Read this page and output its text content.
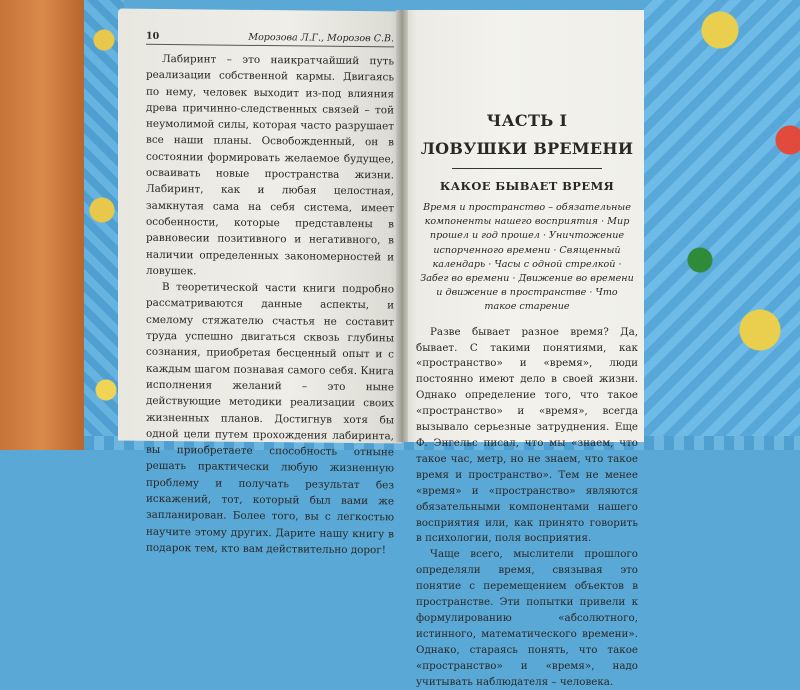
10	Морозова Л.Г., Морозов С.В.

Лабиринт – это наикратчайший путь реализации собственной кармы. Двигаясь по нему, человек выходит из-под влияния древа причинно-следственных связей – той неумолимой силы, которая часто разрушает все наши планы. Освобожденный, он в состоянии формировать желаемое будущее, осваивать новые пространства жизни. Лабиринт, как и любая целостная, замкнутая сама на себя система, имеет особенности, которые представлены в равновесии позитивного и негативного, в наличии определенных закономерностей и ловушек.

В теоретической части книги подробно рассматриваются данные аспекты, и смелому стяжателю счастья не составит труда успешно двигаться сквозь глубины сознания, приобретая бесценный опыт и с каждым шагом познавая самого себя. Книга исполнения желаний – это ныне действующие методики реализации своих жизненных планов. Достигнув хотя бы одной цели путем прохождения лабиринта, вы приобретаете способность отныне решать практически любую жизненную проблему и получать результат без искажений, тот, который был вами же запланирован. Более того, вы с легкостью научите этому других. Дарите нашу книгу в подарок тем, кто вам действительно дорог!

ЧАСТЬ I
ЛОВУШКИ ВРЕМЕНИ
КАКОЕ БЫВАЕТ ВРЕМЯ
Время и пространство – обязательные компоненты нашего восприятия · Мир прошел и год прошел · Уничтожение испорченного времени · Священный календарь · Часы с одной стрелкой · Забег во времени · Движение во времени и движение в пространстве · Что такое старение

Разве бывает разное время? Да, бывает. С такими понятиями, как «пространство» и «время», люди постоянно имеют дело в своей жизни. Однако определение того, что такое «пространство» и «время», всегда вызывало серьезные затруднения. Еще Ф. Энгельс писал, что мы «знаем, что такое час, метр, но не знаем, что такое время и пространство». Тем не менее «время» и «пространство» являются обязательными компонентами нашего восприятия или, как принято говорить в психологии, поля восприятия.

Чаще всего, мыслители прошлого определяли время, связывая это понятие с перемещением объектов в пространстве. Эти попытки привели к формулированию «абсолютного, истинного, математического времени». Однако, стараясь понять, что такое «пространство» и «время», надо учитывать наблюдателя – человека.
